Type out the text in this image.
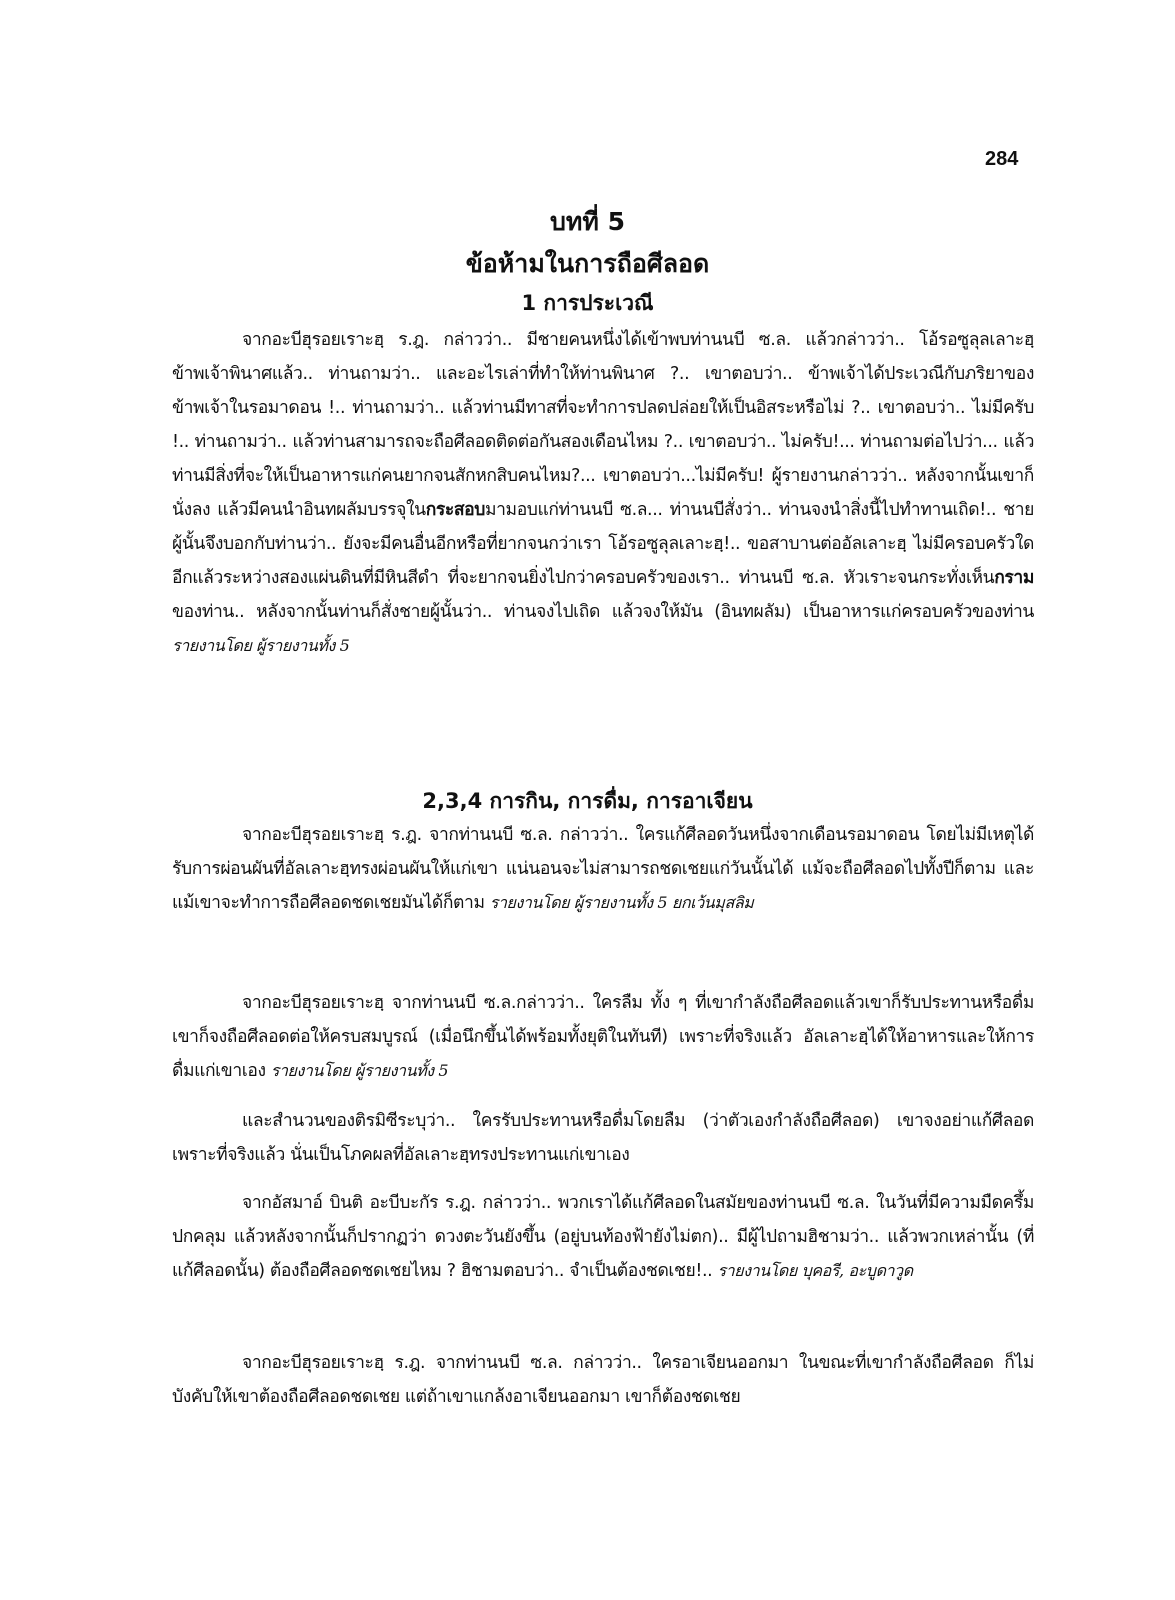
284
บทที่ 5
ข้อห้ามในการถือศีลอด
1 การประเวณี
จากอะบีฮุรอยเราะฮฺ ร.ฎ. กล่าวว่า.. มีชายคนหนึ่งได้เข้าพบท่านนบี ซ.ล. แล้วกล่าวว่า.. โอ้รอซูลุลเลาะฮฺ ข้าพเจ้าพินาศแล้ว.. ท่านถามว่า.. และอะไรเล่าที่ทำให้ท่านพินาศ ?.. เขาตอบว่า.. ข้าพเจ้าได้ประเวณีกับภริยาของข้าพเจ้าในรอมาดอน !.. ท่านถามว่า.. แล้วท่านมีทาสที่จะทำการปลดปล่อยให้เป็นอิสระหรือไม่ ?.. เขาตอบว่า.. ไม่มีครับ !.. ท่านถามว่า.. แล้วท่านสามารถจะถือศีลอดติดต่อกันสองเดือนไหม ?.. เขาตอบว่า.. ไม่ครับ!... ท่านถามต่อไปว่า... แล้วท่านมีสิ่งที่จะให้เป็นอาหารแก่คนยากจนสักหกสิบคนไหม?... เขาตอบว่า...ไม่มีครับ! ผู้รายงานกล่าวว่า.. หลังจากนั้นเขาก็นั่งลง แล้วมีคนนำอินทผลัมบรรจุในกระสอบมามอบแก่ท่านนบี ซ.ล... ท่านนบีสั่งว่า.. ท่านจงนำสิ่งนี้ไปทำทานเถิด!.. ชายผู้นั้นจึงบอกกับท่านว่า.. ยังจะมีคนอื่นอีกหรือที่ยากจนกว่าเรา โอ้รอซูลุลเลาะฮฺ!.. ขอสาบานต่ออัลเลาะฮฺ ไม่มีครอบครัวใดอีกแล้วระหว่างสองแผ่นดินที่มีหินสีดำ ที่จะยากจนยิ่งไปกว่าครอบครัวของเรา.. ท่านนบี ซ.ล. หัวเราะจนกระทั่งเห็นกรามของท่าน.. หลังจากนั้นท่านก็สั่งชายผู้นั้นว่า.. ท่านจงไปเถิด แล้วจงให้มัน (อินทผลัม) เป็นอาหารแก่ครอบครัวของท่าน รายงานโดย ผู้รายงานทั้ง 5
2,3,4 การกิน, การดื่ม, การอาเจียน
จากอะบีฮุรอยเราะฮฺ ร.ฎ. จากท่านนบี ซ.ล. กล่าวว่า.. ใครแก้ศีลอดวันหนึ่งจากเดือนรอมาดอน โดยไม่มีเหตุได้รับการผ่อนผันที่อัลเลาะฮฺทรงผ่อนผันให้แก่เขา แน่นอนจะไม่สามารถชดเชยแก่วันนั้นได้ แม้จะถือศีลอดไปทั้งปีก็ตาม และแม้เขาจะทำการถือศีลอดชดเชยมันได้ก็ตาม รายงานโดย ผู้รายงานทั้ง 5 ยกเว้นมุสลิม
จากอะบีฮุรอยเราะฮฺ จากท่านนบี ซ.ล.กล่าวว่า.. ใครลืม ทั้ง ๆ ที่เขากำลังถือศีลอดแล้วเขาก็รับประทานหรือดื่ม เขาก็จงถือศีลอดต่อให้ครบสมบูรณ์ (เมื่อนึกขึ้นได้พร้อมทั้งยุติในทันที) เพราะที่จริงแล้ว อัลเลาะฮฺได้ให้อาหารและให้การดื่มแก่เขาเอง รายงานโดย ผู้รายงานทั้ง 5
และสำนวนของติรมิซีระบุว่า.. ใครรับประทานหรือดื่มโดยลืม (ว่าตัวเองกำลังถือศีลอด) เขาจงอย่าแก้ศีลอด เพราะที่จริงแล้ว นั่นเป็นโภคผลที่อัลเลาะฮฺทรงประทานแก่เขาเอง
จากอัสมาอ์ บินติ อะบีบะกัร ร.ฎ. กล่าวว่า.. พวกเราได้แก้ศีลอดในสมัยของท่านนบี ซ.ล. ในวันที่มีความมืดครึ้มปกคลุม แล้วหลังจากนั้นก็ปรากฏว่า ดวงตะวันยังขึ้น (อยู่บนท้องฟ้ายังไม่ตก).. มีผู้ไปถามฮิชามว่า.. แล้วพวกเหล่านั้น (ที่แก้ศีลอดนั้น) ต้องถือศีลอดชดเชยไหม ? ฮิชามตอบว่า.. จำเป็นต้องชดเชย!.. รายงานโดย บุคอรี, อะบูดาวูด
จากอะบีฮุรอยเราะฮฺ ร.ฎ. จากท่านนบี ซ.ล. กล่าวว่า.. ใครอาเจียนออกมา ในขณะที่เขากำลังถือศีลอด ก็ไม่บังคับให้เขาต้องถือศีลอดชดเชย แต่ถ้าเขาแกล้งอาเจียนออกมา เขาก็ต้องชดเชย
